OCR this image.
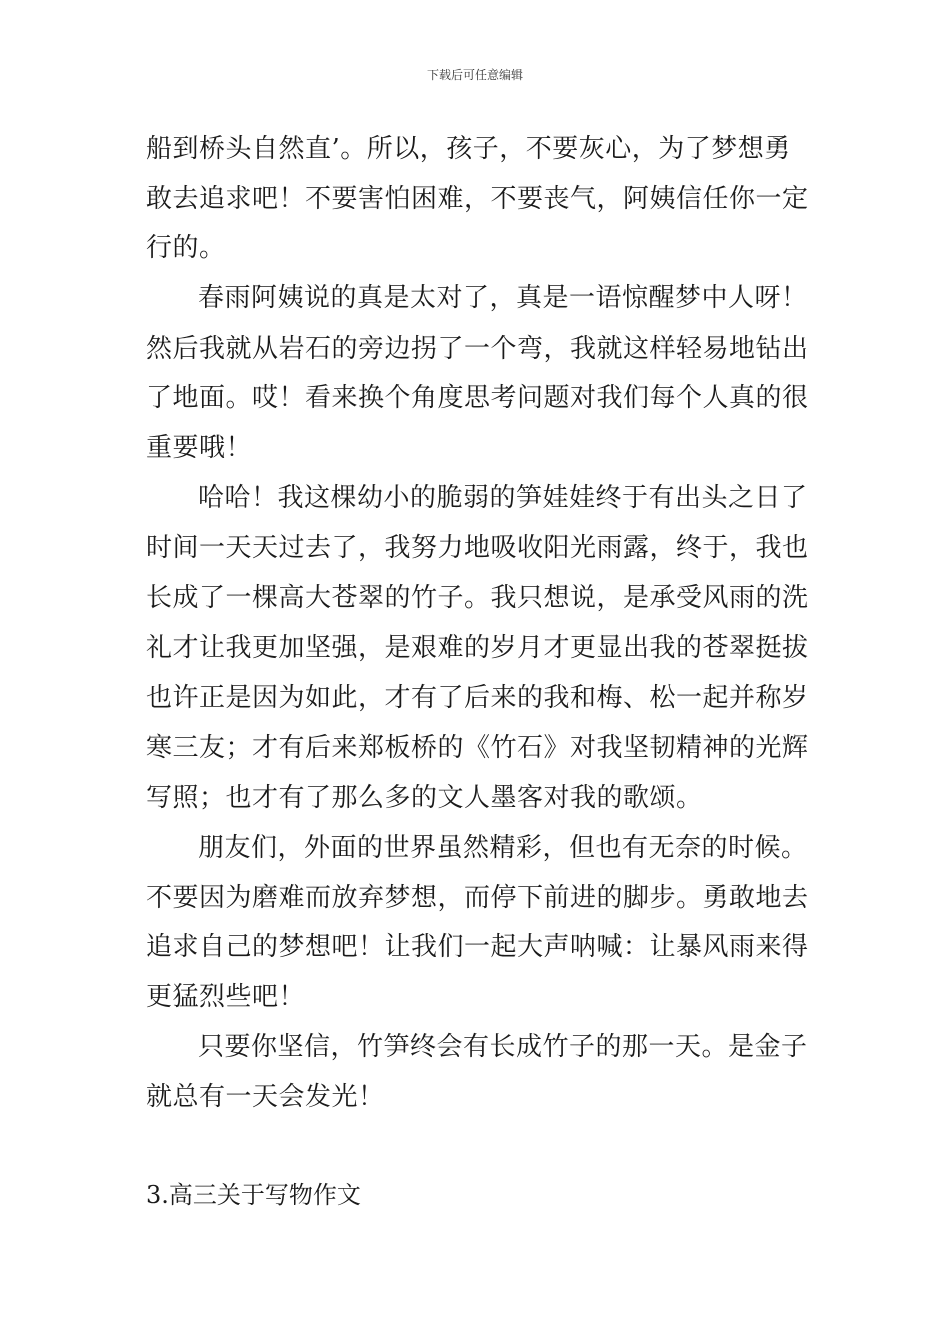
下载后可任意编辑
船到桥头自然直’。所以，孩子，不要灰心，为了梦想勇
敢去追求吧！不要害怕困难，不要丧气，阿姨信任你一定
行的。
春雨阿姨说的真是太对了，真是一语惊醒梦中人呀！
然后我就从岩石的旁边拐了一个弯，我就这样轻易地钻出
了地面。哎！看来换个角度思考问题对我们每个人真的很
重要哦！
哈哈！我这棵幼小的脆弱的笋娃娃终于有出头之日了
时间一天天过去了，我努力地吸收阳光雨露，终于，我也
长成了一棵高大苍翠的竹子。我只想说，是承受风雨的洗
礼才让我更加坚强，是艰难的岁月才更显出我的苍翠挺拔
也许正是因为如此，才有了后来的我和梅、松一起并称岁
寒三友；才有后来郑板桥的《竹石》对我坚韧精神的光辉
写照；也才有了那么多的文人墨客对我的歌颂。
朋友们，外面的世界虽然精彩，但也有无奈的时候。
不要因为磨难而放弃梦想，而停下前进的脚步。勇敢地去
追求自己的梦想吧！让我们一起大声呐喊：让暴风雨来得
更猛烈些吧！
只要你坚信，竹笋终会有长成竹子的那一天。是金子
就总有一天会发光！
3.高三关于写物作文
